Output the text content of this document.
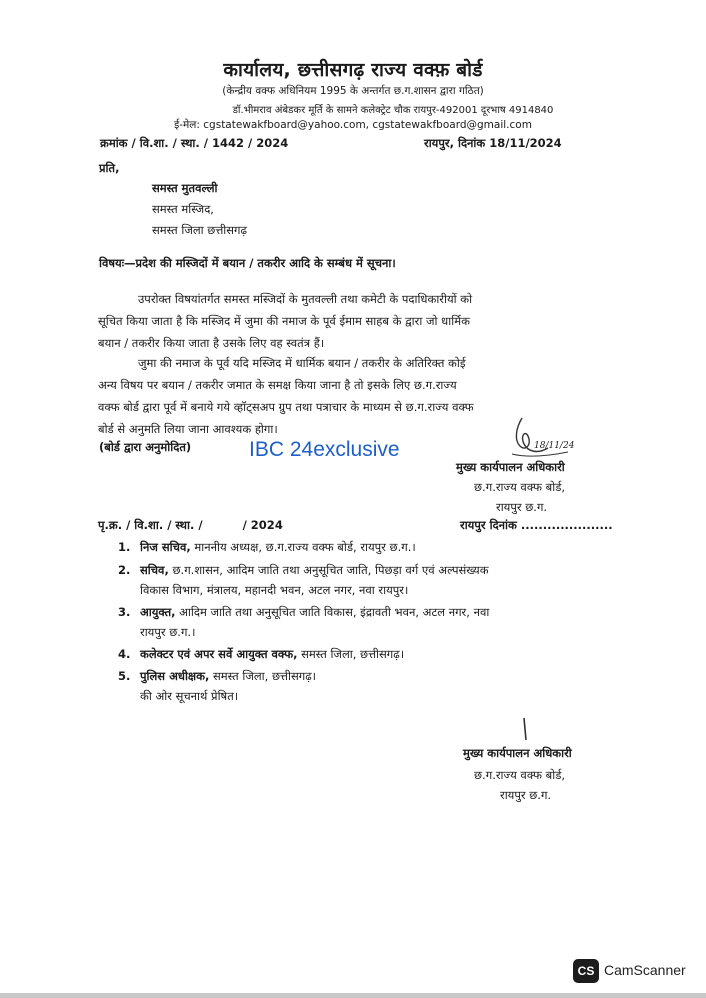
कार्यालय, छत्तीसगढ़ राज्य वक्फ़ बोर्ड
(केन्द्रीय वक्फ अधिनियम 1995 के अन्तर्गत छ.ग.शासन द्वारा गठित)
डॉ.भीमराव अंबेडकर मूर्ति के सामने कलेक्ट्रेट चौक रायपुर-492001 दूरभाष 4914840
ई-मेल: cgstatewakfboard@yahoo.com, cgstatewakfboard@gmail.com
क्रमांक / वि.शा. / स्था. / 1442 / 2024	रायपुर, दिनांक 18/11/2024
प्रति,
समस्त मुतवल्ली
समस्त मस्जिद,
समस्त जिला छत्तीसगढ़
विषयः—प्रदेश की मस्जिदों में बयान / तकरीर आदि के सम्बंध में सूचना।
उपरोक्त विषयांतर्गत समस्त मस्जिदों के मुतवल्ली तथा कमेटी के पदाधिकारीयों को
सूचित किया जाता है कि मस्जिद में जुमा की नमाज के पूर्व ईमाम साहब के द्वारा जो धार्मिक
बयान / तकरीर किया जाता है उसके लिए वह स्वतंत्र हैं।
जुमा की नमाज के पूर्व यदि मस्जिद में धार्मिक बयान / तकरीर के अतिरिक्त कोई
अन्य विषय पर बयान / तकरीर जमात के समक्ष किया जाना है तो इसके लिए छ.ग.राज्य
वक्फ बोर्ड द्वारा पूर्व में बनाये गये व्हॉट्सअप ग्रुप तथा पत्राचार के माध्यम से छ.ग.राज्य वक्फ
बोर्ड से अनुमति लिया जाना आवश्यक होगा।
(बोर्ड द्वारा अनुमोदित)	IBC 24exclusive	18/11/24
मुख्य कार्यपालन अधिकारी
छ.ग.राज्य वक्फ बोर्ड,
रायपुर छ.ग.
पृ.क्र. / वि.शा. / स्था. /          / 2024	रायपुर दिनांक .....................
1. निज सचिव, माननीय अध्यक्ष, छ.ग.राज्य वक्फ बोर्ड, रायपुर छ.ग.।
2. सचिव, छ.ग.शासन, आदिम जाति तथा अनुसूचित जाति, पिछड़ा वर्ग एवं अल्पसंख्यक
विकास विभाग, मंत्रालय, महानदी भवन, अटल नगर, नवा रायपुर।
3. आयुक्त, आदिम जाति तथा अनुसूचित जाति विकास, इंद्रावती भवन, अटल नगर, नवा
रायपुर छ.ग.।
4. कलेक्टर एवं अपर सर्वे आयुक्त वक्फ, समस्त जिला, छत्तीसगढ़।
5. पुलिस अधीक्षक, समस्त जिला, छत्तीसगढ़।
की ओर सूचनार्थ प्रेषित।
मुख्य कार्यपालन अधिकारी
छ.ग.राज्य वक्फ बोर्ड,
रायपुर छ.ग.
CS CamScanner
